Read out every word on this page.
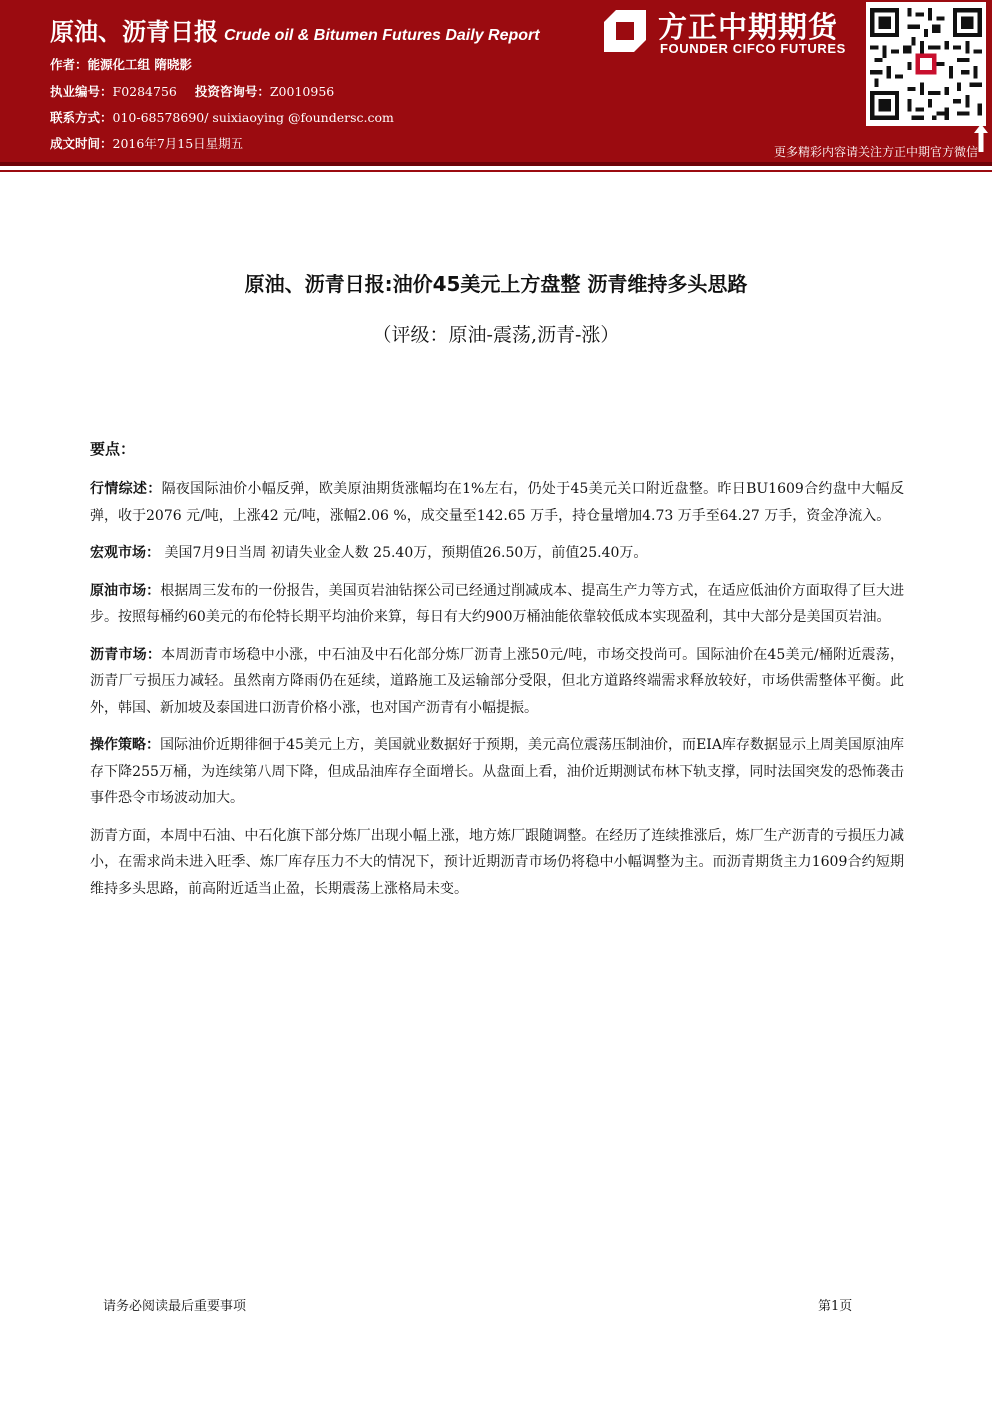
原油、沥青日报 Crude oil & Bitumen Futures Daily Report
作者：能源化工组 隋晓影
执业编号：F0284756 投资咨询号：Z0010956
联系方式：010-68578690/ suixiaoying @foundersc.com
成文时间：2016年7月15日星期五
方正中期期货
FOUNDER CIFCO FUTURES
更多精彩内容请关注方正中期官方微信
原油、沥青日报:油价45美元上方盘整 沥青维持多头思路
（评级：原油-震荡,沥青-涨）
要点：

行情综述：隔夜国际油价小幅反弹，欧美原油期货涨幅均在1%左右，仍处于45美元关口附近盘整。昨日BU1609合约盘中大幅反弹，收于2076 元/吨，上涨42 元/吨，涨幅2.06 %，成交量至142.65 万手，持仓量增加4.73 万手至64.27 万手，资金净流入。

宏观市场： 美国7月9日当周 初请失业金人数 25.40万，预期值26.50万，前值25.40万。

原油市场：根据周三发布的一份报告，美国页岩油钻探公司已经通过削减成本、提高生产力等方式，在适应低油价方面取得了巨大进步。按照每桶约60美元的布伦特长期平均油价来算，每日有大约900万桶油能依靠较低成本实现盈利，其中大部分是美国页岩油。

沥青市场：本周沥青市场稳中小涨，中石油及中石化部分炼厂沥青上涨50元/吨，市场交投尚可。国际油价在45美元/桶附近震荡，沥青厂亏损压力减轻。虽然南方降雨仍在延续，道路施工及运输部分受限，但北方道路终端需求释放较好，市场供需整体平衡。此外，韩国、新加坡及泰国进口沥青价格小涨，也对国产沥青有小幅提振。

操作策略：国际油价近期徘徊于45美元上方，美国就业数据好于预期，美元高位震荡压制油价，而EIA库存数据显示上周美国原油库存下降255万桶，为连续第八周下降，但成品油库存全面增长。从盘面上看，油价近期测试布林下轨支撑，同时法国突发的恐怖袭击事件恐令市场波动加大。

沥青方面，本周中石油、中石化旗下部分炼厂出现小幅上涨，地方炼厂跟随调整。在经历了连续推涨后，炼厂生产沥青的亏损压力减小，在需求尚未进入旺季、炼厂库存压力不大的情况下，预计近期沥青市场仍将稳中小幅调整为主。而沥青期货主力1609合约短期维持多头思路，前高附近适当止盈，长期震荡上涨格局未变。

请务必阅读最后重要事项	第1页
